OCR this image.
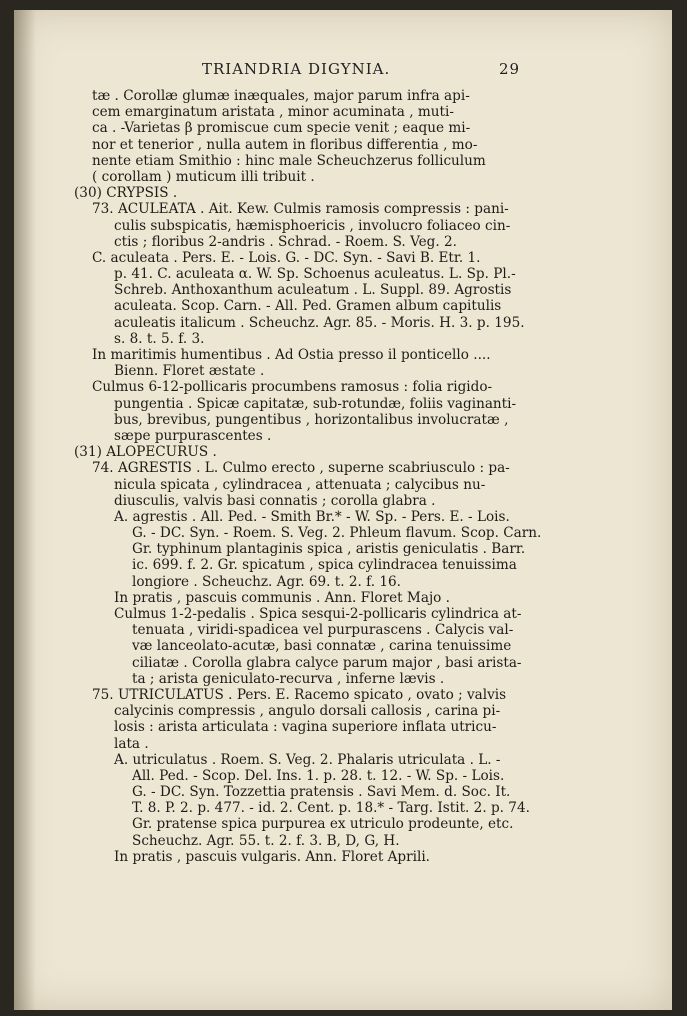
TRIANDRIA DIGYNIA.	29
tæ . Corollæ glumæ inæquales, major parum infra api-
cem emarginatum aristata , minor acuminata , muti-
ca . -Varietas β promiscue cum specie venit ; eaque mi-
nor et tenerior , nulla autem in floribus differentia , mo-
nente etiam Smithio : hinc male Scheuchzerus folliculum
( corollam ) muticum illi tribuit .
(30) CRYPSIS .
73. ACULEATA . Ait. Kew. Culmis ramosis compressis : pani-
culis subspicatis, hæmisphoericis , involucro foliaceo cin-
ctis ; floribus 2-andris . Schrad. - Roem. S. Veg. 2.
C. aculeata . Pers. E. - Lois. G. - DC. Syn. - Savi B. Etr. 1.
p. 41. C. aculeata α. W. Sp. Schoenus aculeatus. L. Sp. Pl.-
Schreb. Anthoxanthum aculeatum . L. Suppl. 89. Agrostis
aculeata. Scop. Carn. - All. Ped. Gramen album capitulis
aculeatis italicum . Scheuchz. Agr. 85. - Moris. H. 3. p. 195.
s. 8. t. 5. f. 3.
In maritimis humentibus . Ad Ostia presso il ponticello ....
Bienn. Floret æstate .
Culmus 6-12-pollicaris procumbens ramosus : folia rigido-
pungentia . Spicæ capitatæ, sub-rotundæ, foliis vaginanti-
bus, brevibus, pungentibus , horizontalibus involucratæ ,
sæpe purpurascentes .
(31) ALOPECURUS .
74. AGRESTIS . L. Culmo erecto , superne scabriusculo : pa-
nicula spicata , cylindracea , attenuata ; calycibus nu-
diusculis, valvis basi connatis ; corolla glabra .
A. agrestis . All. Ped. - Smith Br.* - W. Sp. - Pers. E. - Lois.
G. - DC. Syn. - Roem. S. Veg. 2. Phleum flavum. Scop. Carn.
Gr. typhinum plantaginis spica , aristis geniculatis . Barr.
ic. 699. f. 2. Gr. spicatum , spica cylindracea tenuissima
longiore . Scheuchz. Agr. 69. t. 2. f. 16.
In pratis , pascuis communis . Ann. Floret Majo .
Culmus 1-2-pedalis . Spica sesqui-2-pollicaris cylindrica at-
tenuata , viridi-spadicea vel purpurascens . Calycis val-
væ lanceolato-acutæ, basi connatæ , carina tenuissime
ciliatæ . Corolla glabra calyce parum major , basi arista-
ta ; arista geniculato-recurva , inferne lævis .
75. UTRICULATUS . Pers. E. Racemo spicato , ovato ; valvis
calycinis compressis , angulo dorsali callosis , carina pi-
losis : arista articulata : vagina superiore inflata utricu-
lata .
A. utriculatus . Roem. S. Veg. 2. Phalaris utriculata . L. -
All. Ped. - Scop. Del. Ins. 1. p. 28. t. 12. - W. Sp. - Lois.
G. - DC. Syn. Tozzettia pratensis . Savi Mem. d. Soc. It.
T. 8. P. 2. p. 477. - id. 2. Cent. p. 18.* - Targ. Istit. 2. p. 74.
Gr. pratense spica purpurea ex utriculo prodeunte, etc.
Scheuchz. Agr. 55. t. 2. f. 3. B, D, G, H.
In pratis , pascuis vulgaris. Ann. Floret Aprili.
